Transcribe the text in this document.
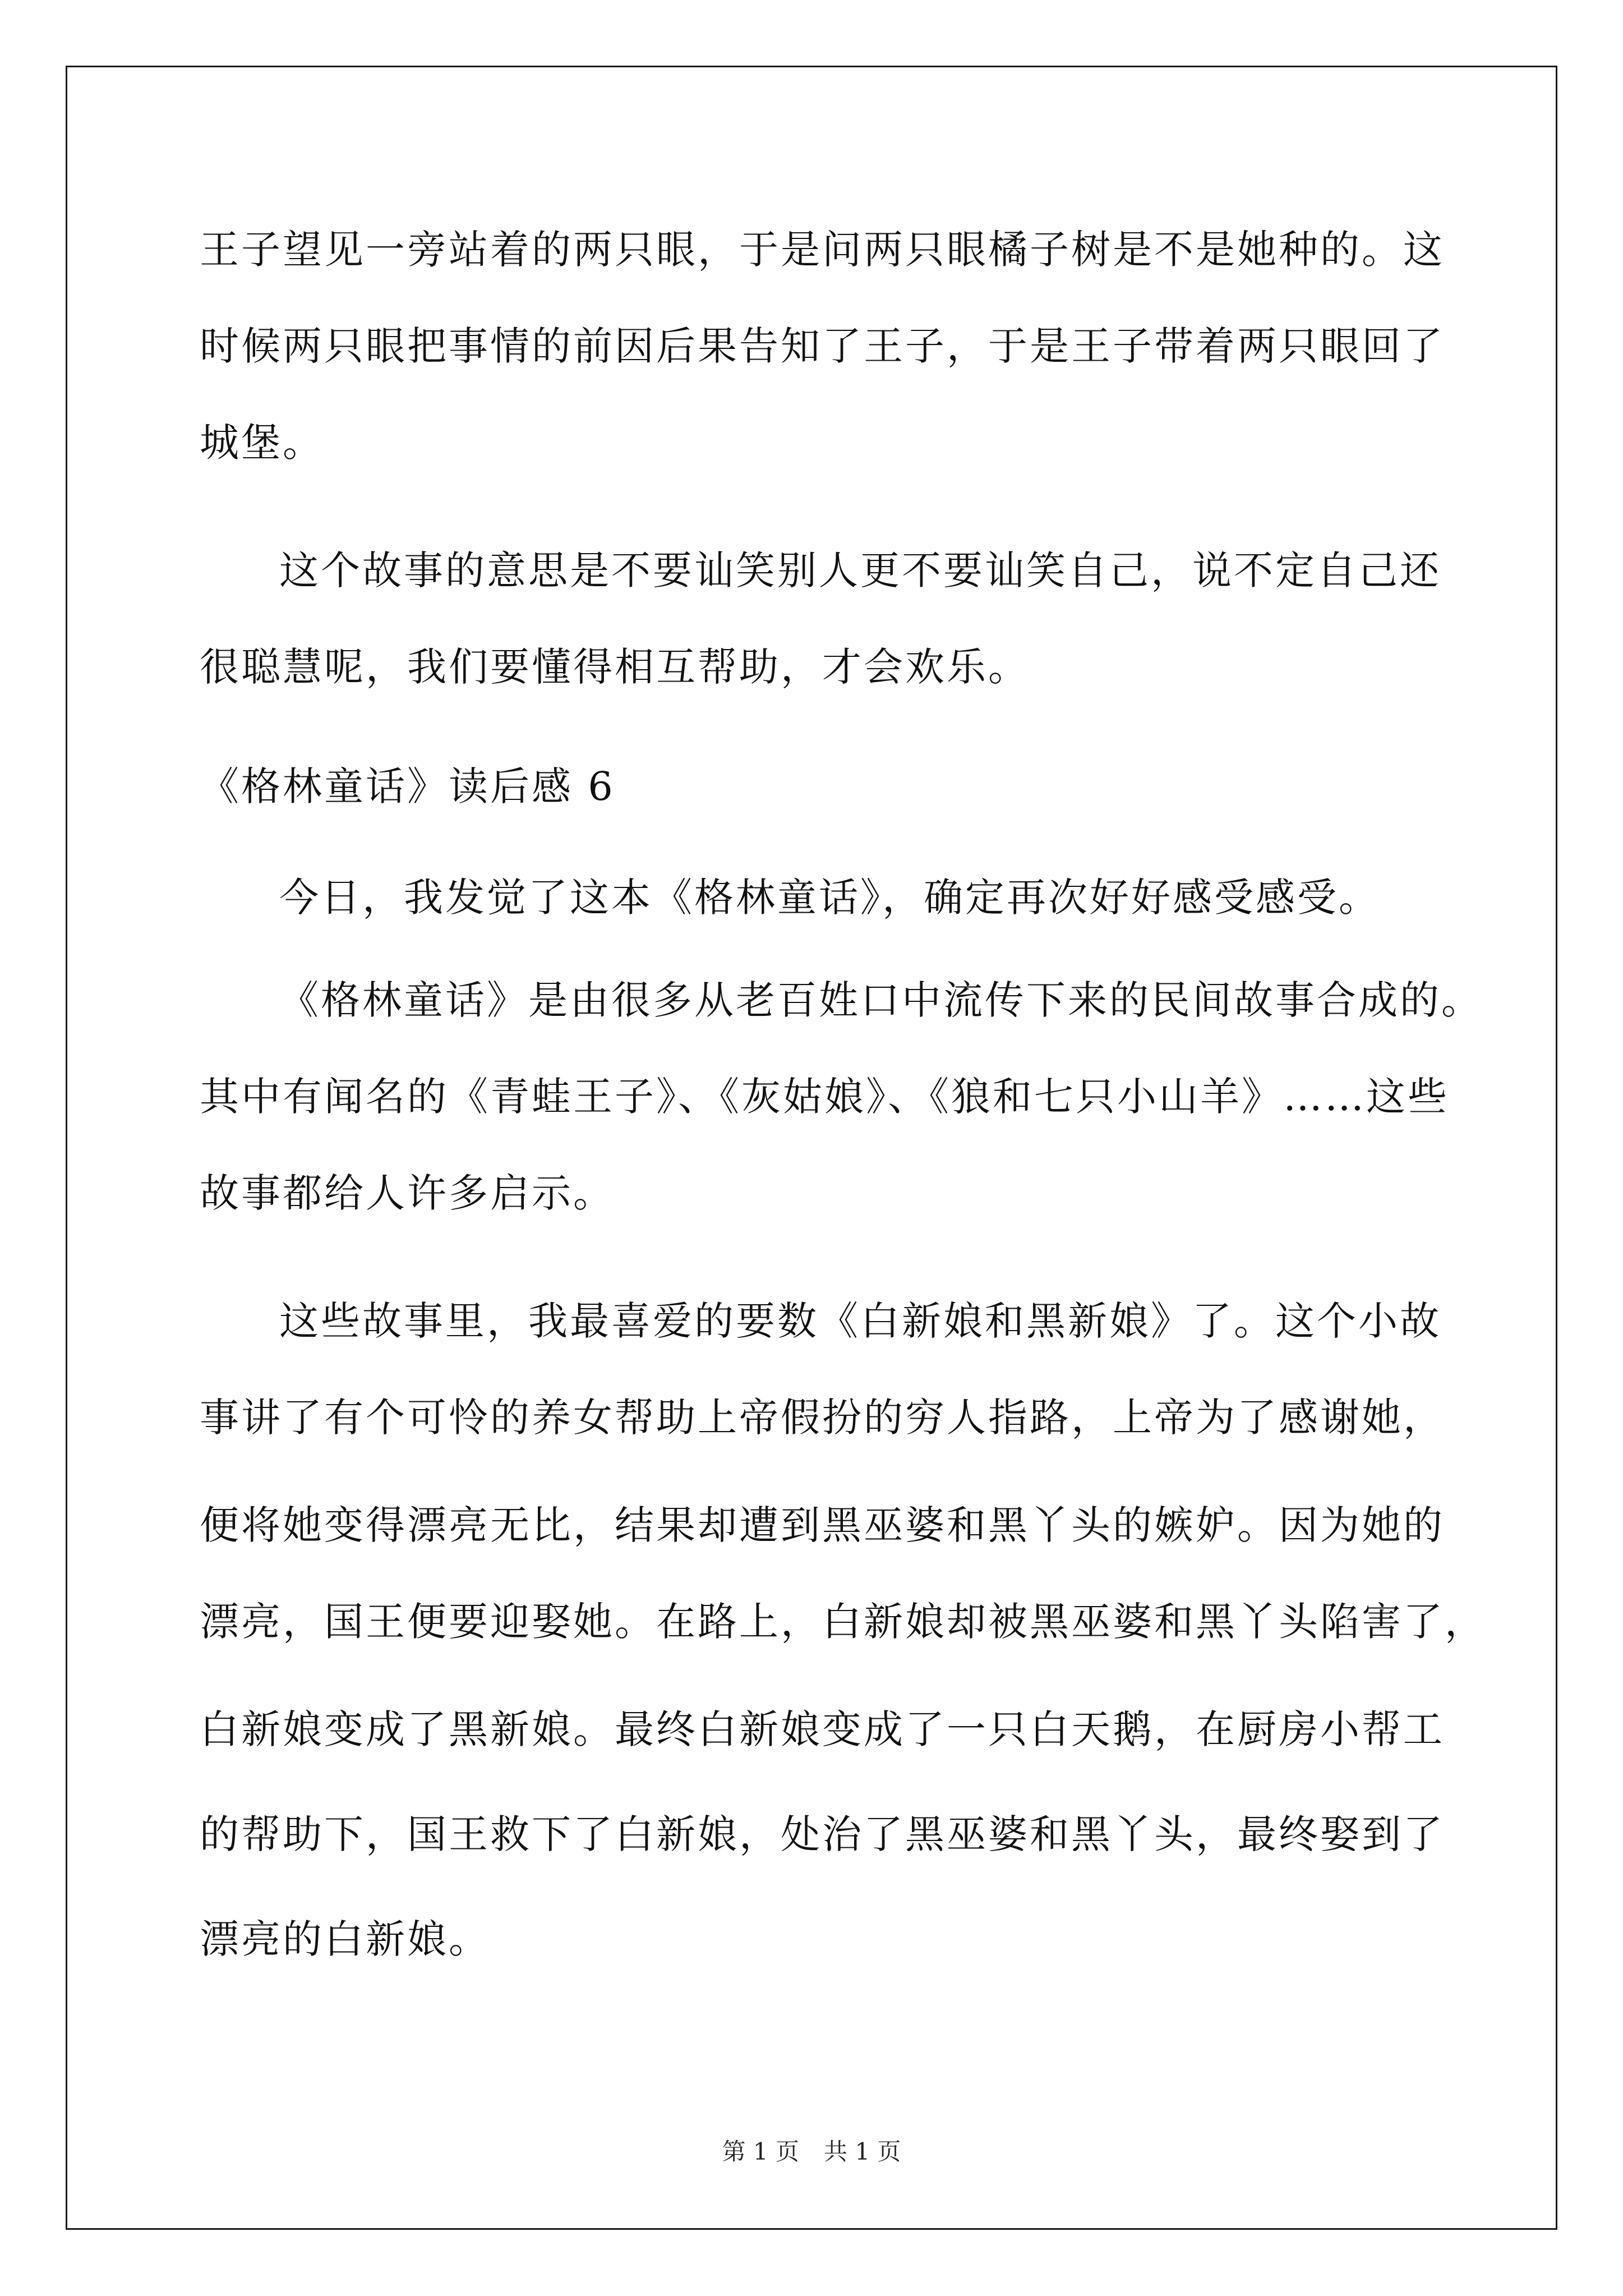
王子望见一旁站着的两只眼，于是问两只眼橘子树是不是她种的。这
时候两只眼把事情的前因后果告知了王子，于是王子带着两只眼回了
城堡。
这个故事的意思是不要讪笑别人更不要讪笑自己，说不定自己还
很聪慧呢，我们要懂得相互帮助，才会欢乐。
《格林童话》读后感 6
今日，我发觉了这本《格林童话》，确定再次好好感受感受。
《格林童话》是由很多从老百姓口中流传下来的民间故事合成的。
其中有闻名的《青蛙王子》、《灰姑娘》、《狼和七只小山羊》……这些
故事都给人许多启示。
这些故事里，我最喜爱的要数《白新娘和黑新娘》了。这个小故
事讲了有个可怜的养女帮助上帝假扮的穷人指路，上帝为了感谢她，
便将她变得漂亮无比，结果却遭到黑巫婆和黑丫头的嫉妒。因为她的
漂亮，国王便要迎娶她。在路上，白新娘却被黑巫婆和黑丫头陷害了，
白新娘变成了黑新娘。最终白新娘变成了一只白天鹅，在厨房小帮工
的帮助下，国王救下了白新娘，处治了黑巫婆和黑丫头，最终娶到了
漂亮的白新娘。
第 1 页 共 1 页
